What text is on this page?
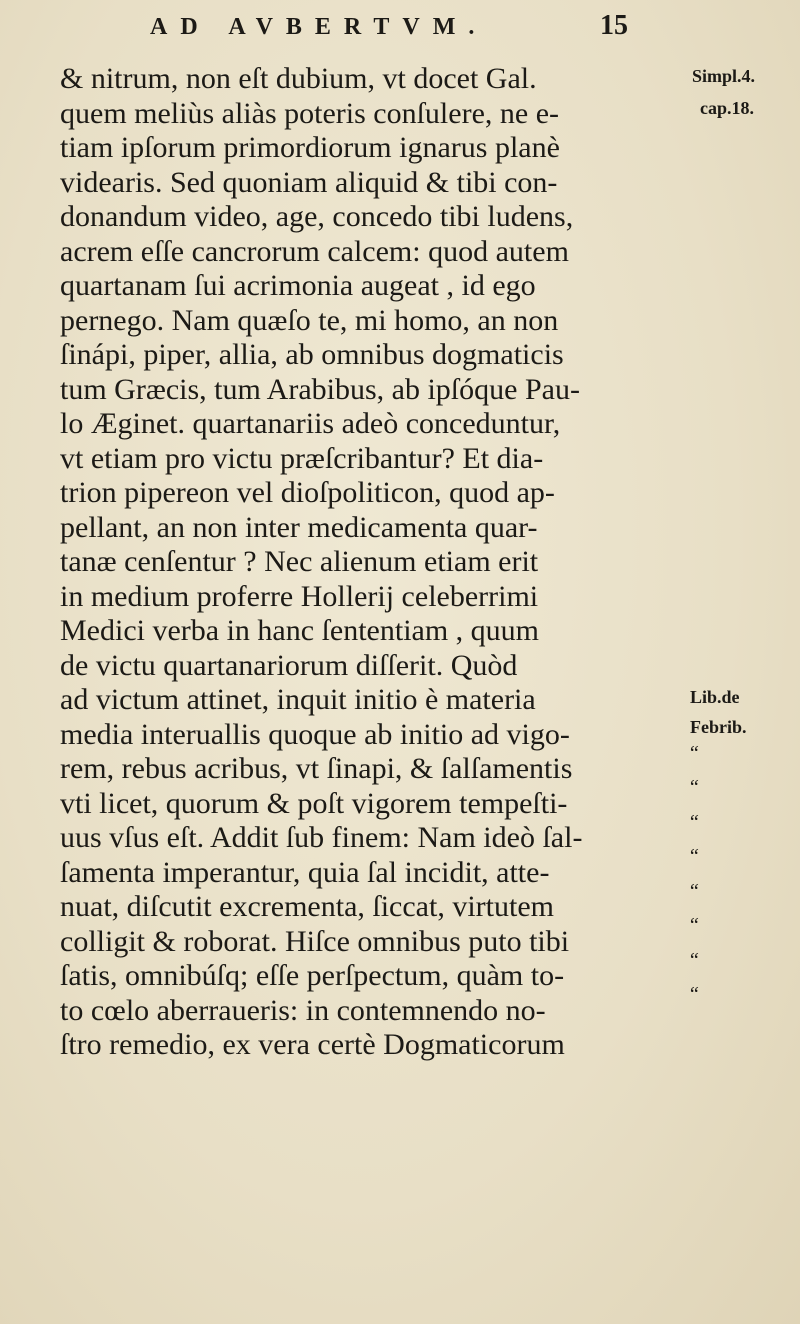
AD AVBERTVM.	15
& nitrum, non eſt dubium, vt docet Gal.
quem meliùs aliàs poteris conſulere, ne e-
tiam ipſorum primordiorum ignarus planè
videaris. Sed quoniam aliquid & tibi con-
donandum video, age, concedo tibi ludens,
acrem eſſe cancrorum calcem: quod autem
quartanam ſui acrimonia augeat , id ego
pernego. Nam quæſo te, mi homo, an non
ſinápi, piper, allia, ab omnibus dogmaticis
tum Græcis, tum Arabibus, ab ipſóque Pau-
lo Æginet. quartanariis adeò conceduntur,
vt etiam pro victu præſcribantur? Et dia-
trion pipereon vel dioſpoliticon, quod ap-
pellant, an non inter medicamenta quar-
tanæ cenſentur ? Nec alienum etiam erit
in medium proferre Hollerij celeberrimi
Medici verba in hanc ſententiam , quum
de victu quartanariorum diſſerit. Quòd
ad victum attinet, inquit initio è materia
media interuallis quoque ab initio ad vigo-
rem, rebus acribus, vt ſinapi, & ſalſamentis
vti licet, quorum & poſt vigorem tempeſti-
uus vſus eſt. Addit ſub finem: Nam ideò ſal-
ſamenta imperantur, quia ſal incidit, atte-
nuat, diſcutit excrementa, ſiccat, virtutem
colligit & roborat. Hiſce omnibus puto tibi
ſatis, omnibúſq; eſſe perſpectum, quàm to-
to cœlo aberraueris: in contemnendo no-
ſtro remedio, ex vera certè Dogmaticorum
Simpl.4.
cap.18.
Lib.de
Febrib.
“
“
“
“
“
“
“
“
